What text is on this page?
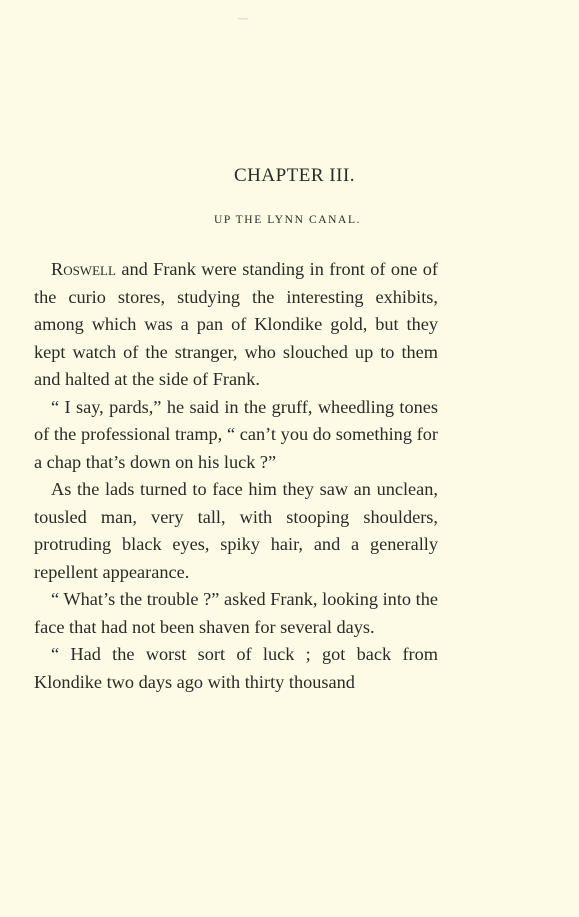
~~~
CHAPTER III.
UP THE LYNN CANAL.

Roswell and Frank were standing in front of one of the curio stores, studying the interesting exhibits, among which was a pan of Klondike gold, but they kept watch of the stranger, who slouched up to them and halted at the side of Frank.

“ I say, pards,” he said in the gruff, wheedling tones of the professional tramp, “ can’t you do something for a chap that’s down on his luck ?”

As the lads turned to face him they saw an unclean, tousled man, very tall, with stooping shoulders, protruding black eyes, spiky hair, and a generally repellent appearance.

“ What’s the trouble ?” asked Frank, looking into the face that had not been shaven for several days.

“ Had the worst sort of luck ; got back from Klondike two days ago with thirty thousand
